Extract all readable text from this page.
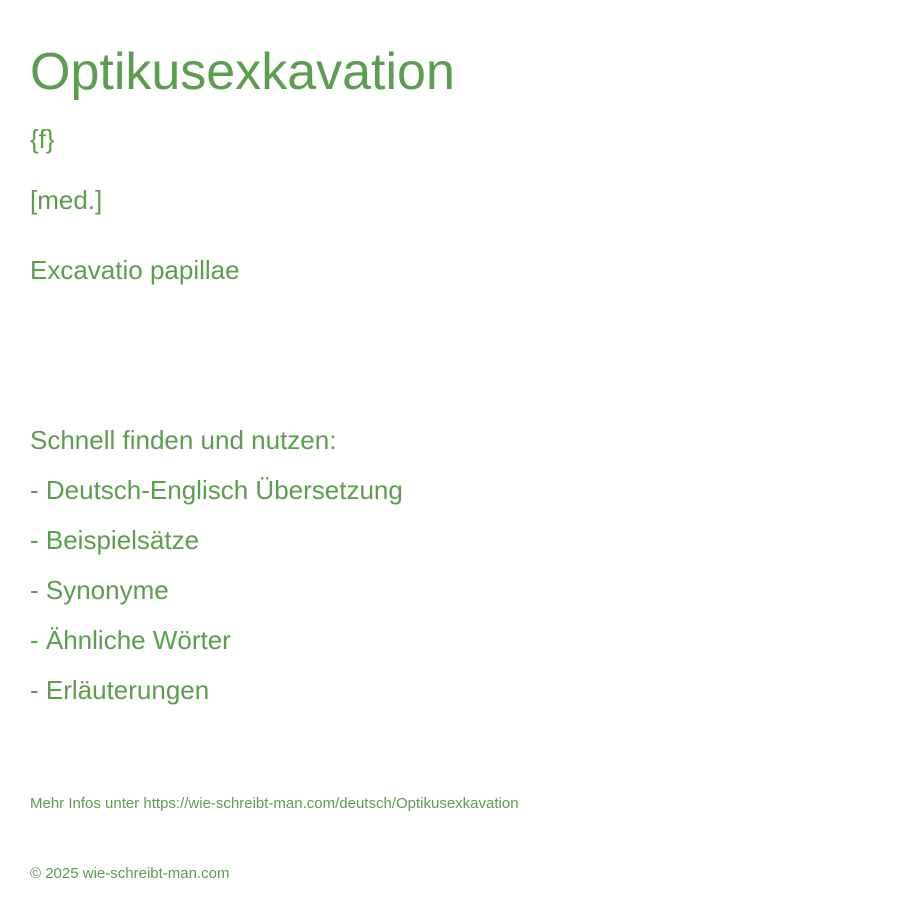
Optikusexkavation

{f}

[med.]

Excavatio papillae

Schnell finden und nutzen:

- Deutsch-Englisch Übersetzung
- Beispielsätze
- Synonyme
- Ähnliche Wörter
- Erläuterungen

Mehr Infos unter https://wie-schreibt-man.com/deutsch/Optikusexkavation

© 2025 wie-schreibt-man.com
